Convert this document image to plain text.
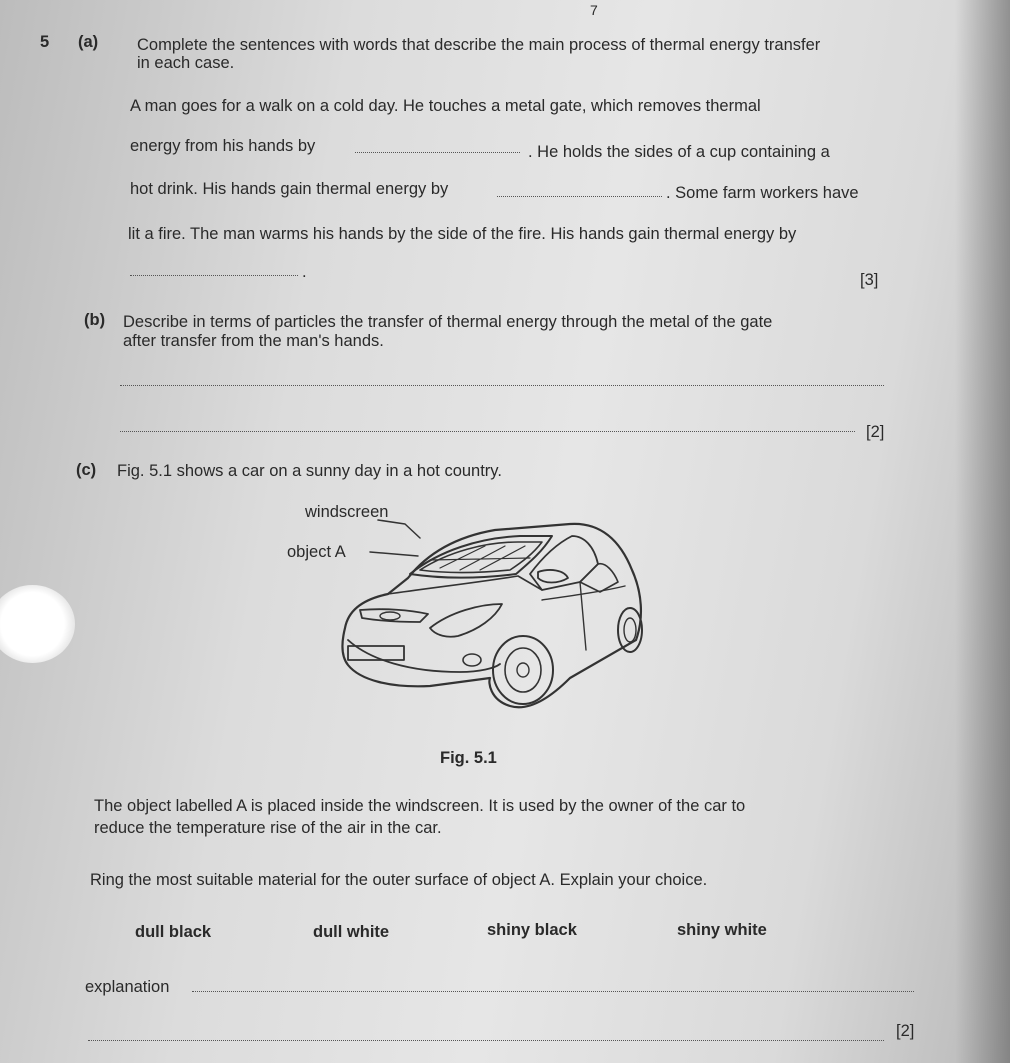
7
5 (a) Complete the sentences with words that describe the main process of thermal energy transfer
in each case.
A man goes for a walk on a cold day. He touches a metal gate, which removes thermal
energy from his hands by	. He holds the sides of a cup containing a
hot drink. His hands gain thermal energy by	. Some farm workers have
lit a fire. The man warms his hands by the side of the fire. His hands gain thermal energy by
.	[3]
(b) Describe in terms of particles the transfer of thermal energy through the metal of the gate
after transfer from the man's hands.
[2]
(c) Fig. 5.1 shows a car on a sunny day in a hot country.
windscreen
object A
Fig. 5.1
The object labelled A is placed inside the windscreen. It is used by the owner of the car to
reduce the temperature rise of the air in the car.
Ring the most suitable material for the outer surface of object A. Explain your choice.
dull black	dull white	shiny black	shiny white
explanation
[2]
